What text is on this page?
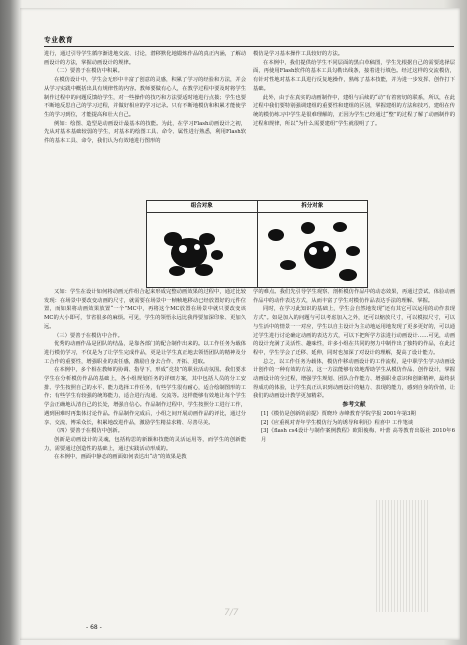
专业教育

进行，通过引导学生循序渐进地交流、讨论，潜移默化地锻炼作品的真正内涵，了解动画设计的方法，掌握动画设计的规律。

（二）要善于在模仿中积累。

在模仿设计中，学生会无形中丰富了创意的灵感，积累了学习的经验和方法，并会从学习实践中概括出具有规律性的内容。教师要做有心人，在教学过程中要及时将学生制作过程中的问题反馈给学生，对一些操作的技巧和方法要适时地进行点拨；学生也要不断地反思自己的学习过程，并做好相应的学习记录。只有不断地模仿和积累才能使学生的学习到位，才能提高和壮大自己。

例如：绘图、造型是动画设计最基本的技能。为此，在学习Flash动画设计之初，先从对基本基础较弱的学生，对基本的绘图工具、命令、属性进行熟悉，利用Flash软件的基本工具、命令，我们认为有效地进行图形的

模仿是学习基本操作工具较好的方法。

在本例中，我们提供给学生不同层面的黑白草稿图，学生先根据自己的需要选择层面，再使用Flash软件的基本工具勾勒出线条，接着进行填色。经过这样的交流模仿，有针对性地对基本工具进行反复地操作，熟练了基本技能，并为进一步发挥、创作打下基础。

此外，由于在真实的动画制作中，建组与后续的“动”有着密切的联系，所以，在此过程中我们要特别强调建组的重要性和建组的区别，掌握建组的方法和技巧，建组在传统的模仿练习中学生是很难理解的，正因为学生已经通过“整”的过程了解了动画制作的过程和规律，所以“为什么需要建组”学生就很明了了。

组合对象	拆分对象

又如：学生在设计如何将动画元件组合起来形成完整动画效果的过程中，通过比较发现：在场景中要改变动画的尺寸，就需要在场景中一帧帧地移动已经放置好的元件位置，而如果将动画效果放置“一个”MC中，再将这个MC放置在场景中就只要改变该MC的大小即可，节省很多的麻烦。可见，学生的领悟永远比我得要加深印象、更加久远。

（三）要善于在模仿中合作。

优秀的动画作品是团队的结晶，是靠各部门的配合制作出来的。以工作任务为载体进行模仿学习，不仅是为了让学生完成作品，更是让学生真正地去领悟团队的精神及分工合作的重要性，增强职业的责任感，激励自身去合作、开拓、进取。

在本例中，多个相在教师的协调、指导下，形成“竞技”的职业活动氛围。我们要求学生在分析模仿作品的基础上，各小组规划任务的详细方案，其中包括人员的分工安排、学生按照自己的水平、能力选择工作任务，有些学生很有耐心，适合绘制图形的工作；有些学生有较强的统筹能力，适合进行沟通、交流等。这样能够有效地让每个学生学会正确地认清自己的长处，增强自信心。作品制作过程中，学生按照分工进行工作，遇到困难时再集体讨论作品。作品制作完成后，小组之间开展动画作品的评比，通过分享、交流，博采众长，积累地改进作品，激励学生精益求精、尽善尽美。

（四）要善于在模仿中创新。

创新是动画设计的灵魂，包括构思的新颖和技能的灵活运用等，而学生的创新能力，需要通过创造性的基础上，通过实践活动形成的。

在本例中，画面中静态的画面如何表达出“动”的效果是教

学的难点。我们先引导学生观察、剖析模仿作品中的动态效果，再通过尝试、体验动画作品中的动作表达方式，从而丰富了学生对模仿作品表达手法的理解、掌握。

同时，在学习此知识的基础上，学生会自然地发现“还有其它可以运用的动作表现方式”。如是加入的问题与可以考虑加入之外，还可以缩放尺寸，可以模拟尺寸，可以与生活中的情景一一对应，学生以自主设计为主动地运用地发现了更多更好的，可以通过学生进行讨论确定动画的表达方式，可以下把所学方法进行动画设计……可见，动画的设计充满了灵活性、趣味性，许多小组在共同的努力中制作出了独特的作品，在此过程中，学生学会了迁移、延伸，同时也加深了对设计的理解，提高了设计能力。

总之，以工作任务为载体，模仿作移动画设计的工作流程，是中职学生学习动画设计创作的一种有效的方法，这一方法能够有效地帮助学生从模仿作品、创作设计，掌握动画设计的全过程，增强学生规划、团队合作能力、增强职业意识和创新精神，最终获得成功的体验，让学生真正认识到动画设计的魅力、表现的能力，感到自身的价值，让我们的动画设计教学更加精彩。

参考文献

[1]《模仿是创新的前提》贾晓玲 赤峰教育学院学报 2001年第3期

[2]《应重视对青年学生模仿行为的诱导和利用》程喜中 工作笔谈

[3]《flash cs4设计与制作案例教程》欧阳俊梅、叶蕾 高等教育出版社 2010年6月

7/7
- 68 -
